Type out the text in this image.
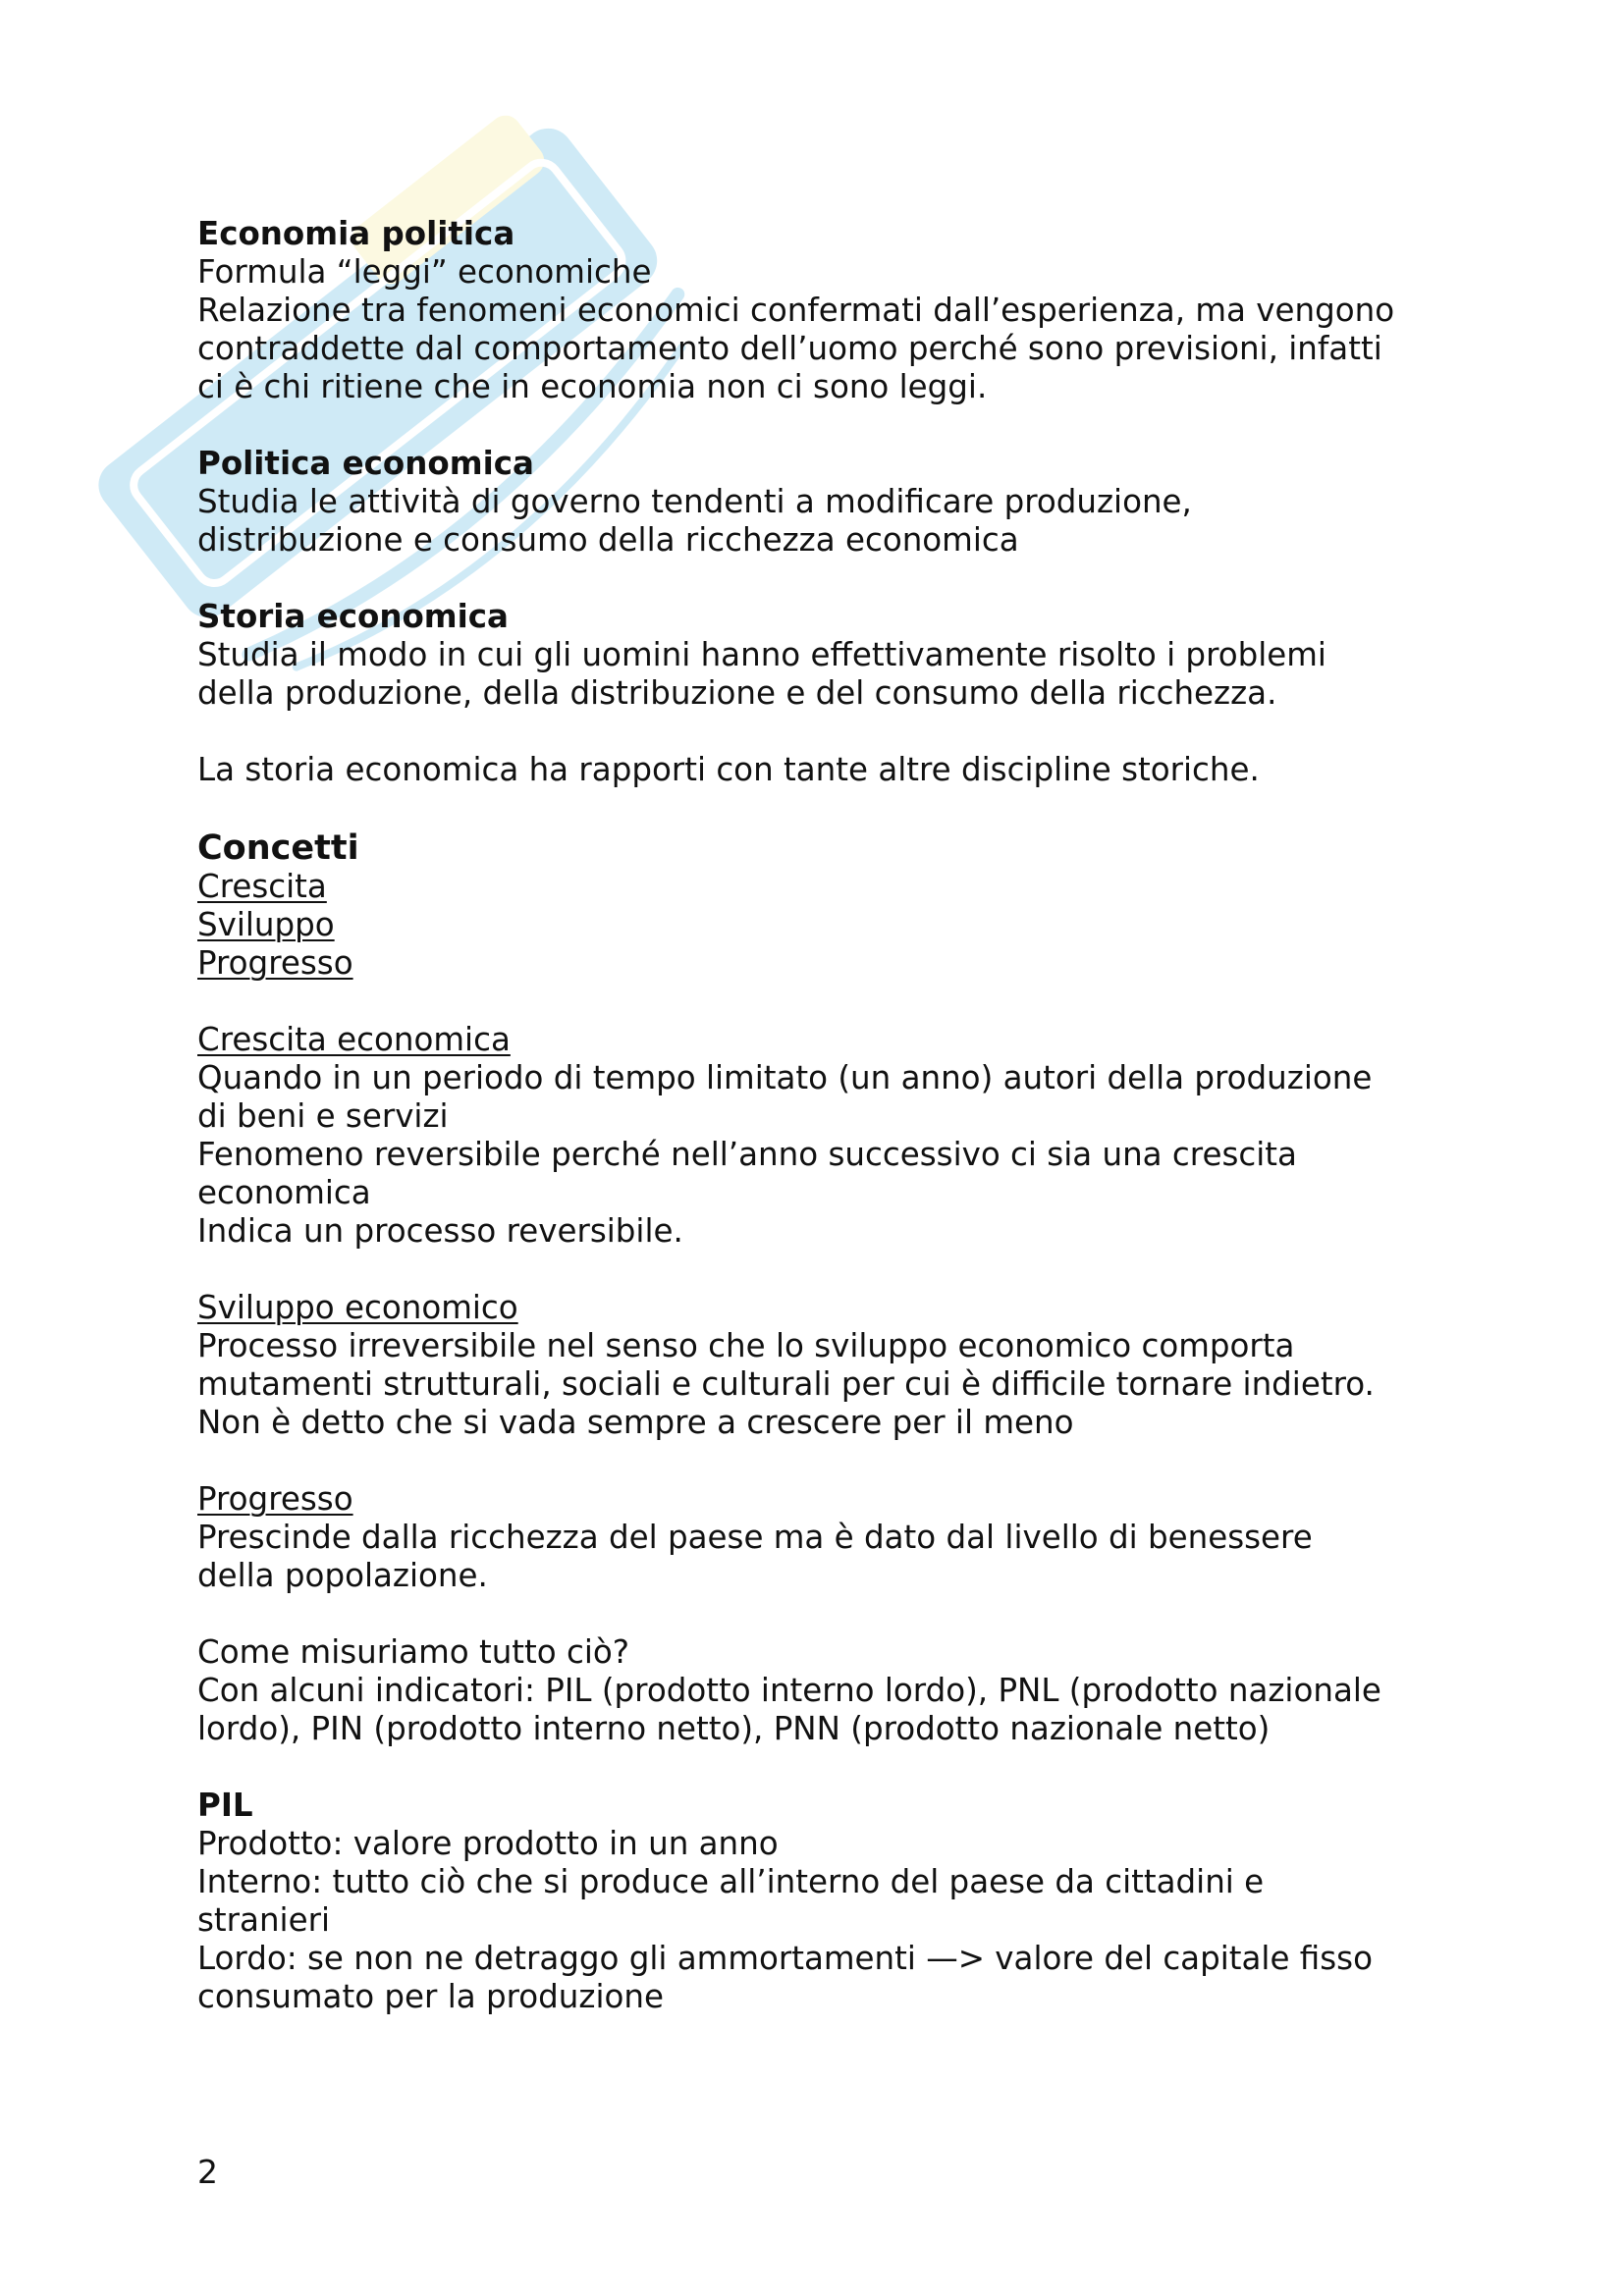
Economia politica

Formula “leggi” economiche

Relazione tra fenomeni economici confermati dall’esperienza, ma vengono

contraddette dal comportamento dell’uomo perché sono previsioni, infatti

ci è chi ritiene che in economia non ci sono leggi.

Politica economica

Studia le attività di governo tendenti a modificare produzione,

distribuzione e consumo della ricchezza economica

Storia economica

Studia il modo in cui gli uomini hanno effettivamente risolto i problemi

della produzione, della distribuzione e del consumo della ricchezza.

La storia economica ha rapporti con tante altre discipline storiche.

Concetti

Crescita

Sviluppo

Progresso

Crescita economica

Quando in un periodo di tempo limitato (un anno) autori della produzione

di beni e servizi

Fenomeno reversibile perché nell’anno successivo ci sia una crescita

economica

Indica un processo reversibile.

Sviluppo economico

Processo irreversibile nel senso che lo sviluppo economico comporta

mutamenti strutturali, sociali e culturali per cui è difficile tornare indietro.

Non è detto che si vada sempre a crescere per il meno

Progresso

Prescinde dalla ricchezza del paese ma è dato dal livello di benessere

della popolazione.

Come misuriamo tutto ciò?

Con alcuni indicatori: PIL (prodotto interno lordo), PNL (prodotto nazionale

lordo), PIN (prodotto interno netto), PNN (prodotto nazionale netto)

PIL

Prodotto: valore prodotto in un anno

Interno: tutto ciò che si produce all’interno del paese da cittadini e

stranieri

Lordo: se non ne detraggo gli ammortamenti —> valore del capitale fisso

consumato per la produzione

2
